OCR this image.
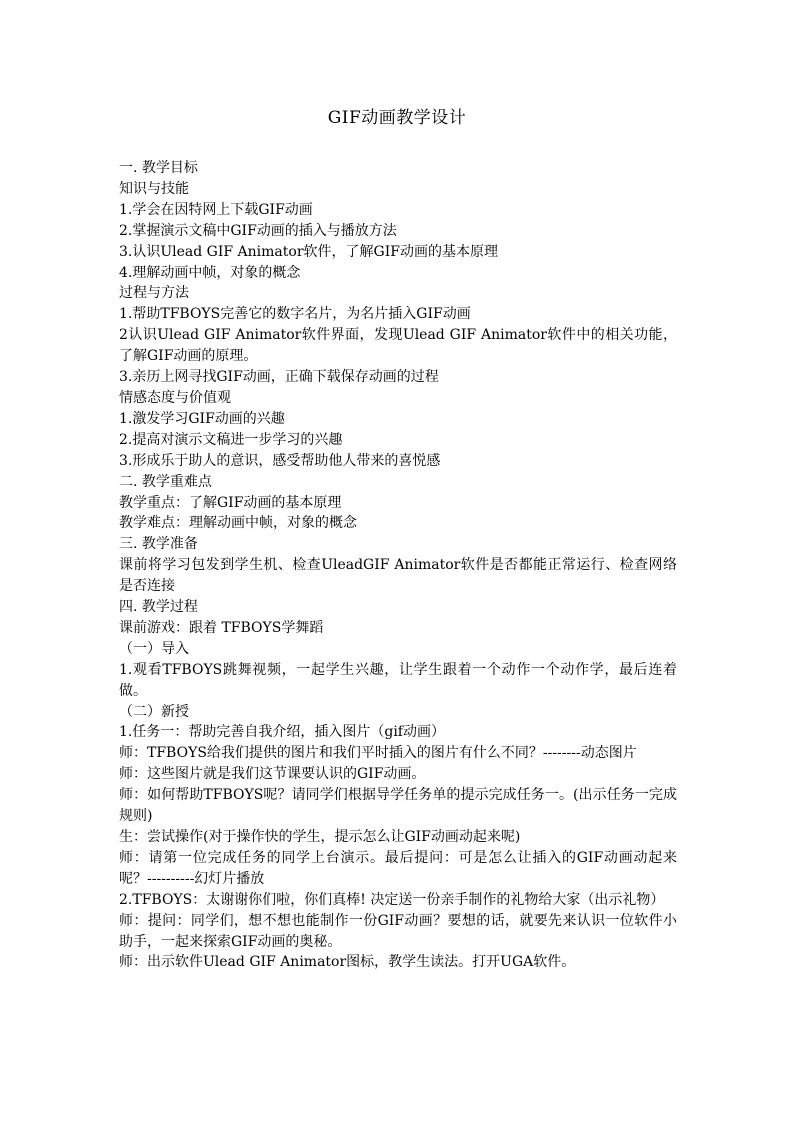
GIF动画教学设计
一. 教学目标
知识与技能
1.学会在因特网上下载GIF动画
2.掌握演示文稿中GIF动画的插入与播放方法
3.认识Ulead GIF Animator软件，了解GIF动画的基本原理
4.理解动画中帧，对象的概念
过程与方法
1.帮助TFBOYS完善它的数字名片，为名片插入GIF动画
2认识Ulead GIF Animator软件界面，发现Ulead GIF Animator软件中的相关功能，了解GIF动画的原理。
3.亲历上网寻找GIF动画，正确下载保存动画的过程
情感态度与价值观
1.激发学习GIF动画的兴趣
2.提高对演示文稿进一步学习的兴趣
3.形成乐于助人的意识，感受帮助他人带来的喜悦感
二. 教学重难点
教学重点：了解GIF动画的基本原理
教学难点：理解动画中帧，对象的概念
三. 教学准备
课前将学习包发到学生机、检查UleadGIF Animator软件是否都能正常运行、检查网络是否连接
四. 教学过程
课前游戏：跟着 TFBOYS学舞蹈
（一）导入
1.观看TFBOYS跳舞视频，一起学生兴趣，让学生跟着一个动作一个动作学，最后连着做。
（二）新授
1.任务一：帮助完善自我介绍，插入图片（gif动画）
师：TFBOYS给我们提供的图片和我们平时插入的图片有什么不同？--------动态图片
师：这些图片就是我们这节课要认识的GIF动画。
师：如何帮助TFBOYS呢？请同学们根据导学任务单的提示完成任务一。(出示任务一完成规则)
生：尝试操作(对于操作快的学生，提示怎么让GIF动画动起来呢)
师：请第一位完成任务的同学上台演示。最后提问：可是怎么让插入的GIF动画动起来呢？----------幻灯片播放
2.TFBOYS：太谢谢你们啦，你们真棒! 决定送一份亲手制作的礼物给大家（出示礼物）
师：提问：同学们，想不想也能制作一份GIF动画？要想的话，就要先来认识一位软件小助手，一起来探索GIF动画的奥秘。
师：出示软件Ulead GIF Animator图标，教学生读法。打开UGA软件。
